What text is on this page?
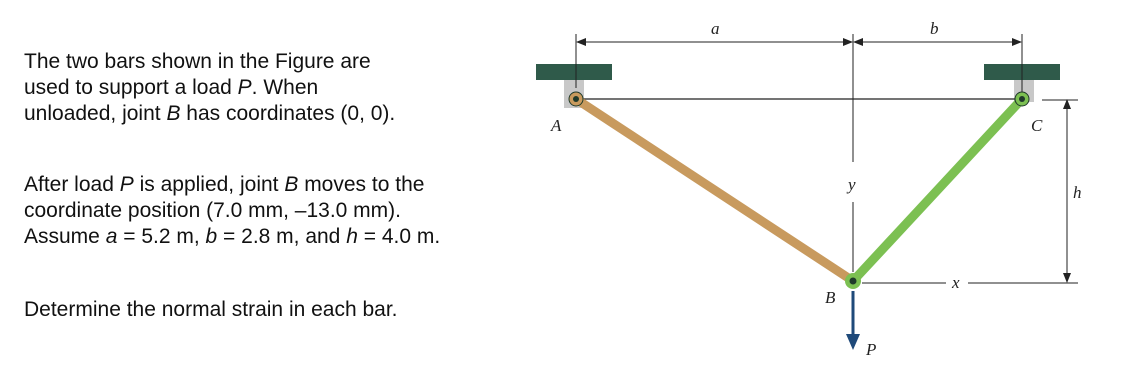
The two bars shown in the Figure are
used to support a load P. When
unloaded, joint B has coordinates (0, 0).

After load P is applied, joint B moves to the
coordinate position (7.0 mm, –13.0 mm).
Assume a = 5.2 m, b = 2.8 m, and h = 4.0 m.

Determine the normal strain in each bar.

a	b
y
x
h
A	C
B
P
